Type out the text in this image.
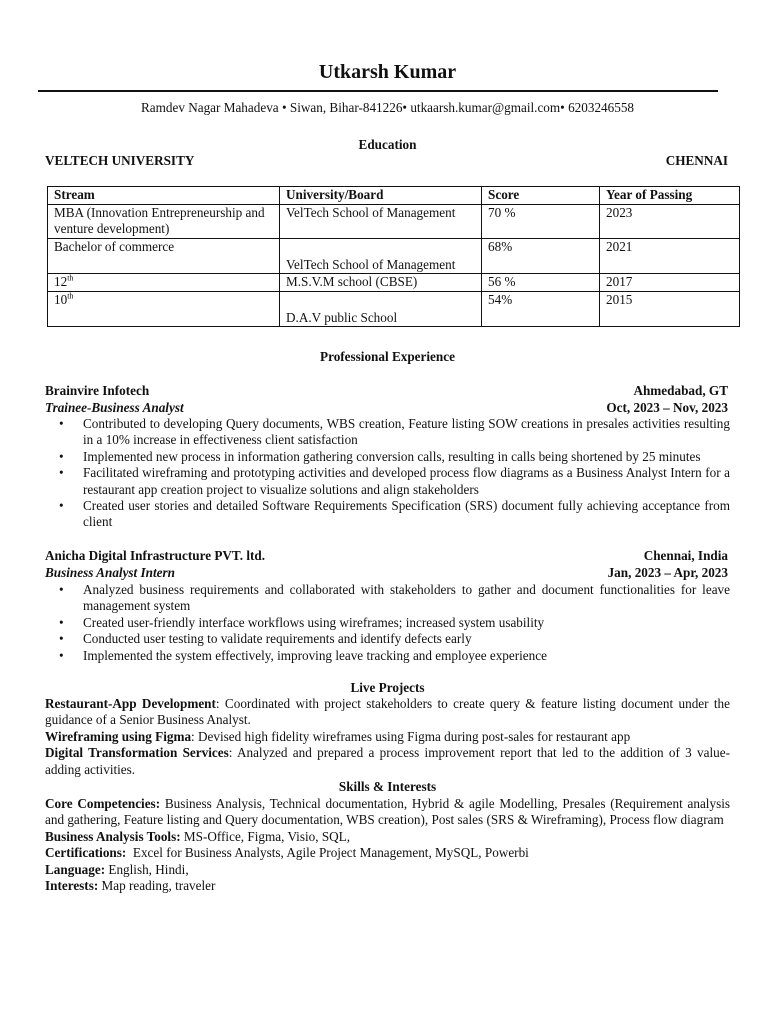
Utkarsh Kumar
Ramdev Nagar Mahadeva • Siwan, Bihar-841226• utkaarsh.kumar@gmail.com• 6203246558
Education
VELTECH UNIVERSITY	CHENNAI
Stream	University/Board	Score	Year of Passing
MBA (Innovation Entrepreneurship and venture development)	VelTech School of Management	70 %	2023
Bachelor of commerce	VelTech School of Management	68%	2021
12th	M.S.V.M school (CBSE)	56 %	2017
10th	D.A.V public School	54%	2015
Professional Experience
Brainvire Infotech	Ahmedabad, GT
Trainee-Business Analyst	Oct, 2023 – Nov, 2023
• Contributed to developing Query documents, WBS creation, Feature listing SOW creations in presales activities resulting in a 10% increase in effectiveness client satisfaction
• Implemented new process in information gathering conversion calls, resulting in calls being shortened by 25 minutes
• Facilitated wireframing and prototyping activities and developed process flow diagrams as a Business Analyst Intern for a restaurant app creation project to visualize solutions and align stakeholders
• Created user stories and detailed Software Requirements Specification (SRS) document fully achieving acceptance from client
Anicha Digital Infrastructure PVT. ltd.	Chennai, India
Business Analyst Intern	Jan, 2023 – Apr, 2023
• Analyzed business requirements and collaborated with stakeholders to gather and document functionalities for leave management system
• Created user-friendly interface workflows using wireframes; increased system usability
• Conducted user testing to validate requirements and identify defects early
• Implemented the system effectively, improving leave tracking and employee experience
Live Projects
Restaurant-App Development: Coordinated with project stakeholders to create query & feature listing document under the guidance of a Senior Business Analyst.
Wireframing using Figma: Devised high fidelity wireframes using Figma during post-sales for restaurant app
Digital Transformation Services: Analyzed and prepared a process improvement report that led to the addition of 3 value-adding activities.
Skills & Interests
Core Competencies: Business Analysis, Technical documentation, Hybrid & agile Modelling, Presales (Requirement analysis and gathering, Feature listing and Query documentation, WBS creation), Post sales (SRS & Wireframing), Process flow diagram
Business Analysis Tools: MS-Office, Figma, Visio, SQL,
Certifications:  Excel for Business Analysts, Agile Project Management, MySQL, Powerbi
Language: English, Hindi,
Interests: Map reading, traveler
